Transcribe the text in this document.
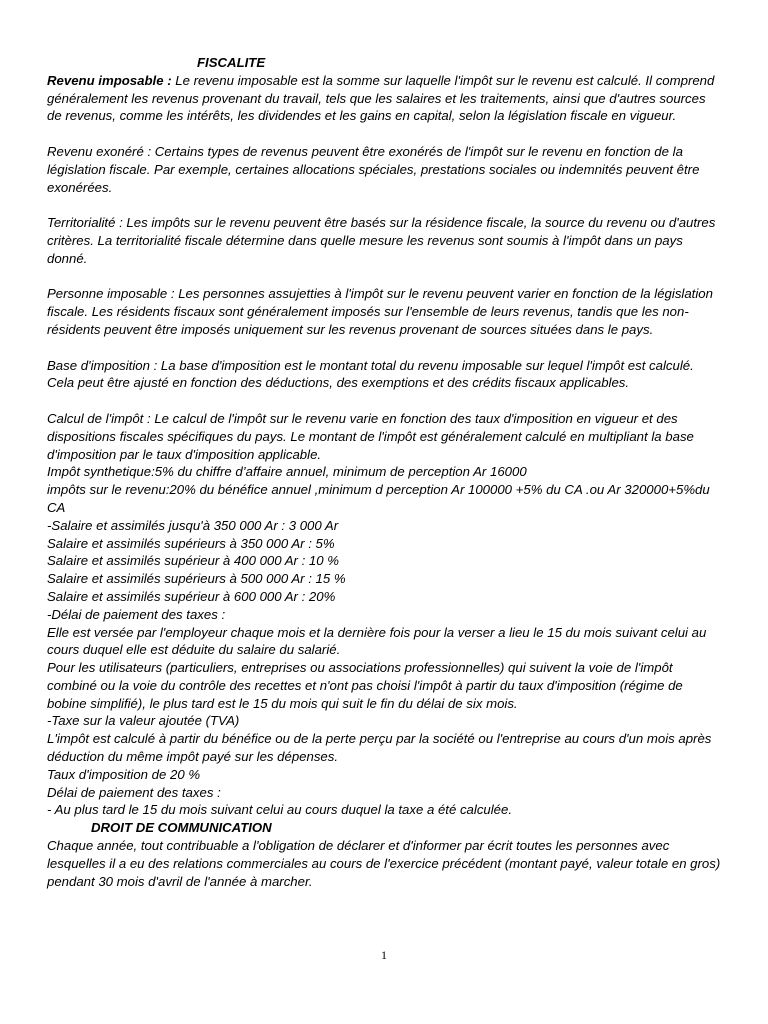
FISCALITE

Revenu imposable : Le revenu imposable est la somme sur laquelle l'impôt sur le revenu est calculé. Il comprend généralement les revenus provenant du travail, tels que les salaires et les traitements, ainsi que d'autres sources de revenus, comme les intérêts, les dividendes et les gains en capital, selon la législation fiscale en vigueur.

Revenu exonéré : Certains types de revenus peuvent être exonérés de l'impôt sur le revenu en fonction de la législation fiscale. Par exemple, certaines allocations spéciales, prestations sociales ou indemnités peuvent être exonérées.

Territorialité : Les impôts sur le revenu peuvent être basés sur la résidence fiscale, la source du revenu ou d'autres critères. La territorialité fiscale détermine dans quelle mesure les revenus sont soumis à l'impôt dans un pays donné.

Personne imposable : Les personnes assujetties à l'impôt sur le revenu peuvent varier en fonction de la législation fiscale. Les résidents fiscaux sont généralement imposés sur l'ensemble de leurs revenus, tandis que les non-résidents peuvent être imposés uniquement sur les revenus provenant de sources situées dans le pays.

Base d'imposition : La base d'imposition est le montant total du revenu imposable sur lequel l'impôt est calculé. Cela peut être ajusté en fonction des déductions, des exemptions et des crédits fiscaux applicables.

Calcul de l'impôt : Le calcul de l'impôt sur le revenu varie en fonction des taux d'imposition en vigueur et des dispositions fiscales spécifiques du pays. Le montant de l'impôt est généralement calculé en multipliant la base d'imposition par le taux d'imposition applicable.

Impôt synthetique:5% du chiffre d’affaire annuel, minimum de perception Ar 16000

impôts sur le revenu:20% du bénéfice annuel ,minimum d perception Ar 100000 +5% du CA .ou Ar 320000+5%du CA

-Salaire et assimilés jusqu'à 350 000 Ar : 3 000 Ar

Salaire et assimilés supérieurs à 350 000 Ar : 5%

Salaire et assimilés supérieur à 400 000 Ar : 10 %

Salaire et assimilés supérieurs à 500 000 Ar : 15 %

Salaire et assimilés supérieur à 600 000 Ar : 20%

-Délai de paiement des taxes :

Elle est versée par l'employeur chaque mois et la dernière fois pour la verser a lieu le 15 du mois suivant celui au cours duquel elle est déduite du salaire du salarié.

Pour les utilisateurs (particuliers, entreprises ou associations professionnelles) qui suivent la voie de l'impôt combiné ou la voie du contrôle des recettes et n'ont pas choisi l'impôt à partir du taux d'imposition (régime de bobine simplifié), le plus tard est le 15 du mois qui suit le fin du délai de six mois.

-Taxe sur la valeur ajoutée (TVA)

L'impôt est calculé à partir du bénéfice ou de la perte perçu par la société ou l'entreprise au cours d'un mois après déduction du même impôt payé sur les dépenses.

Taux d'imposition de 20 %

Délai de paiement des taxes :

- Au plus tard le 15 du mois suivant celui au cours duquel la taxe a été calculée.

DROIT DE COMMUNICATION

Chaque année, tout contribuable a l'obligation de déclarer et d'informer par écrit toutes les personnes avec lesquelles il a eu des relations commerciales au cours de l'exercice précédent (montant payé, valeur totale en gros) pendant 30 mois d'avril de l'année à marcher.

1
